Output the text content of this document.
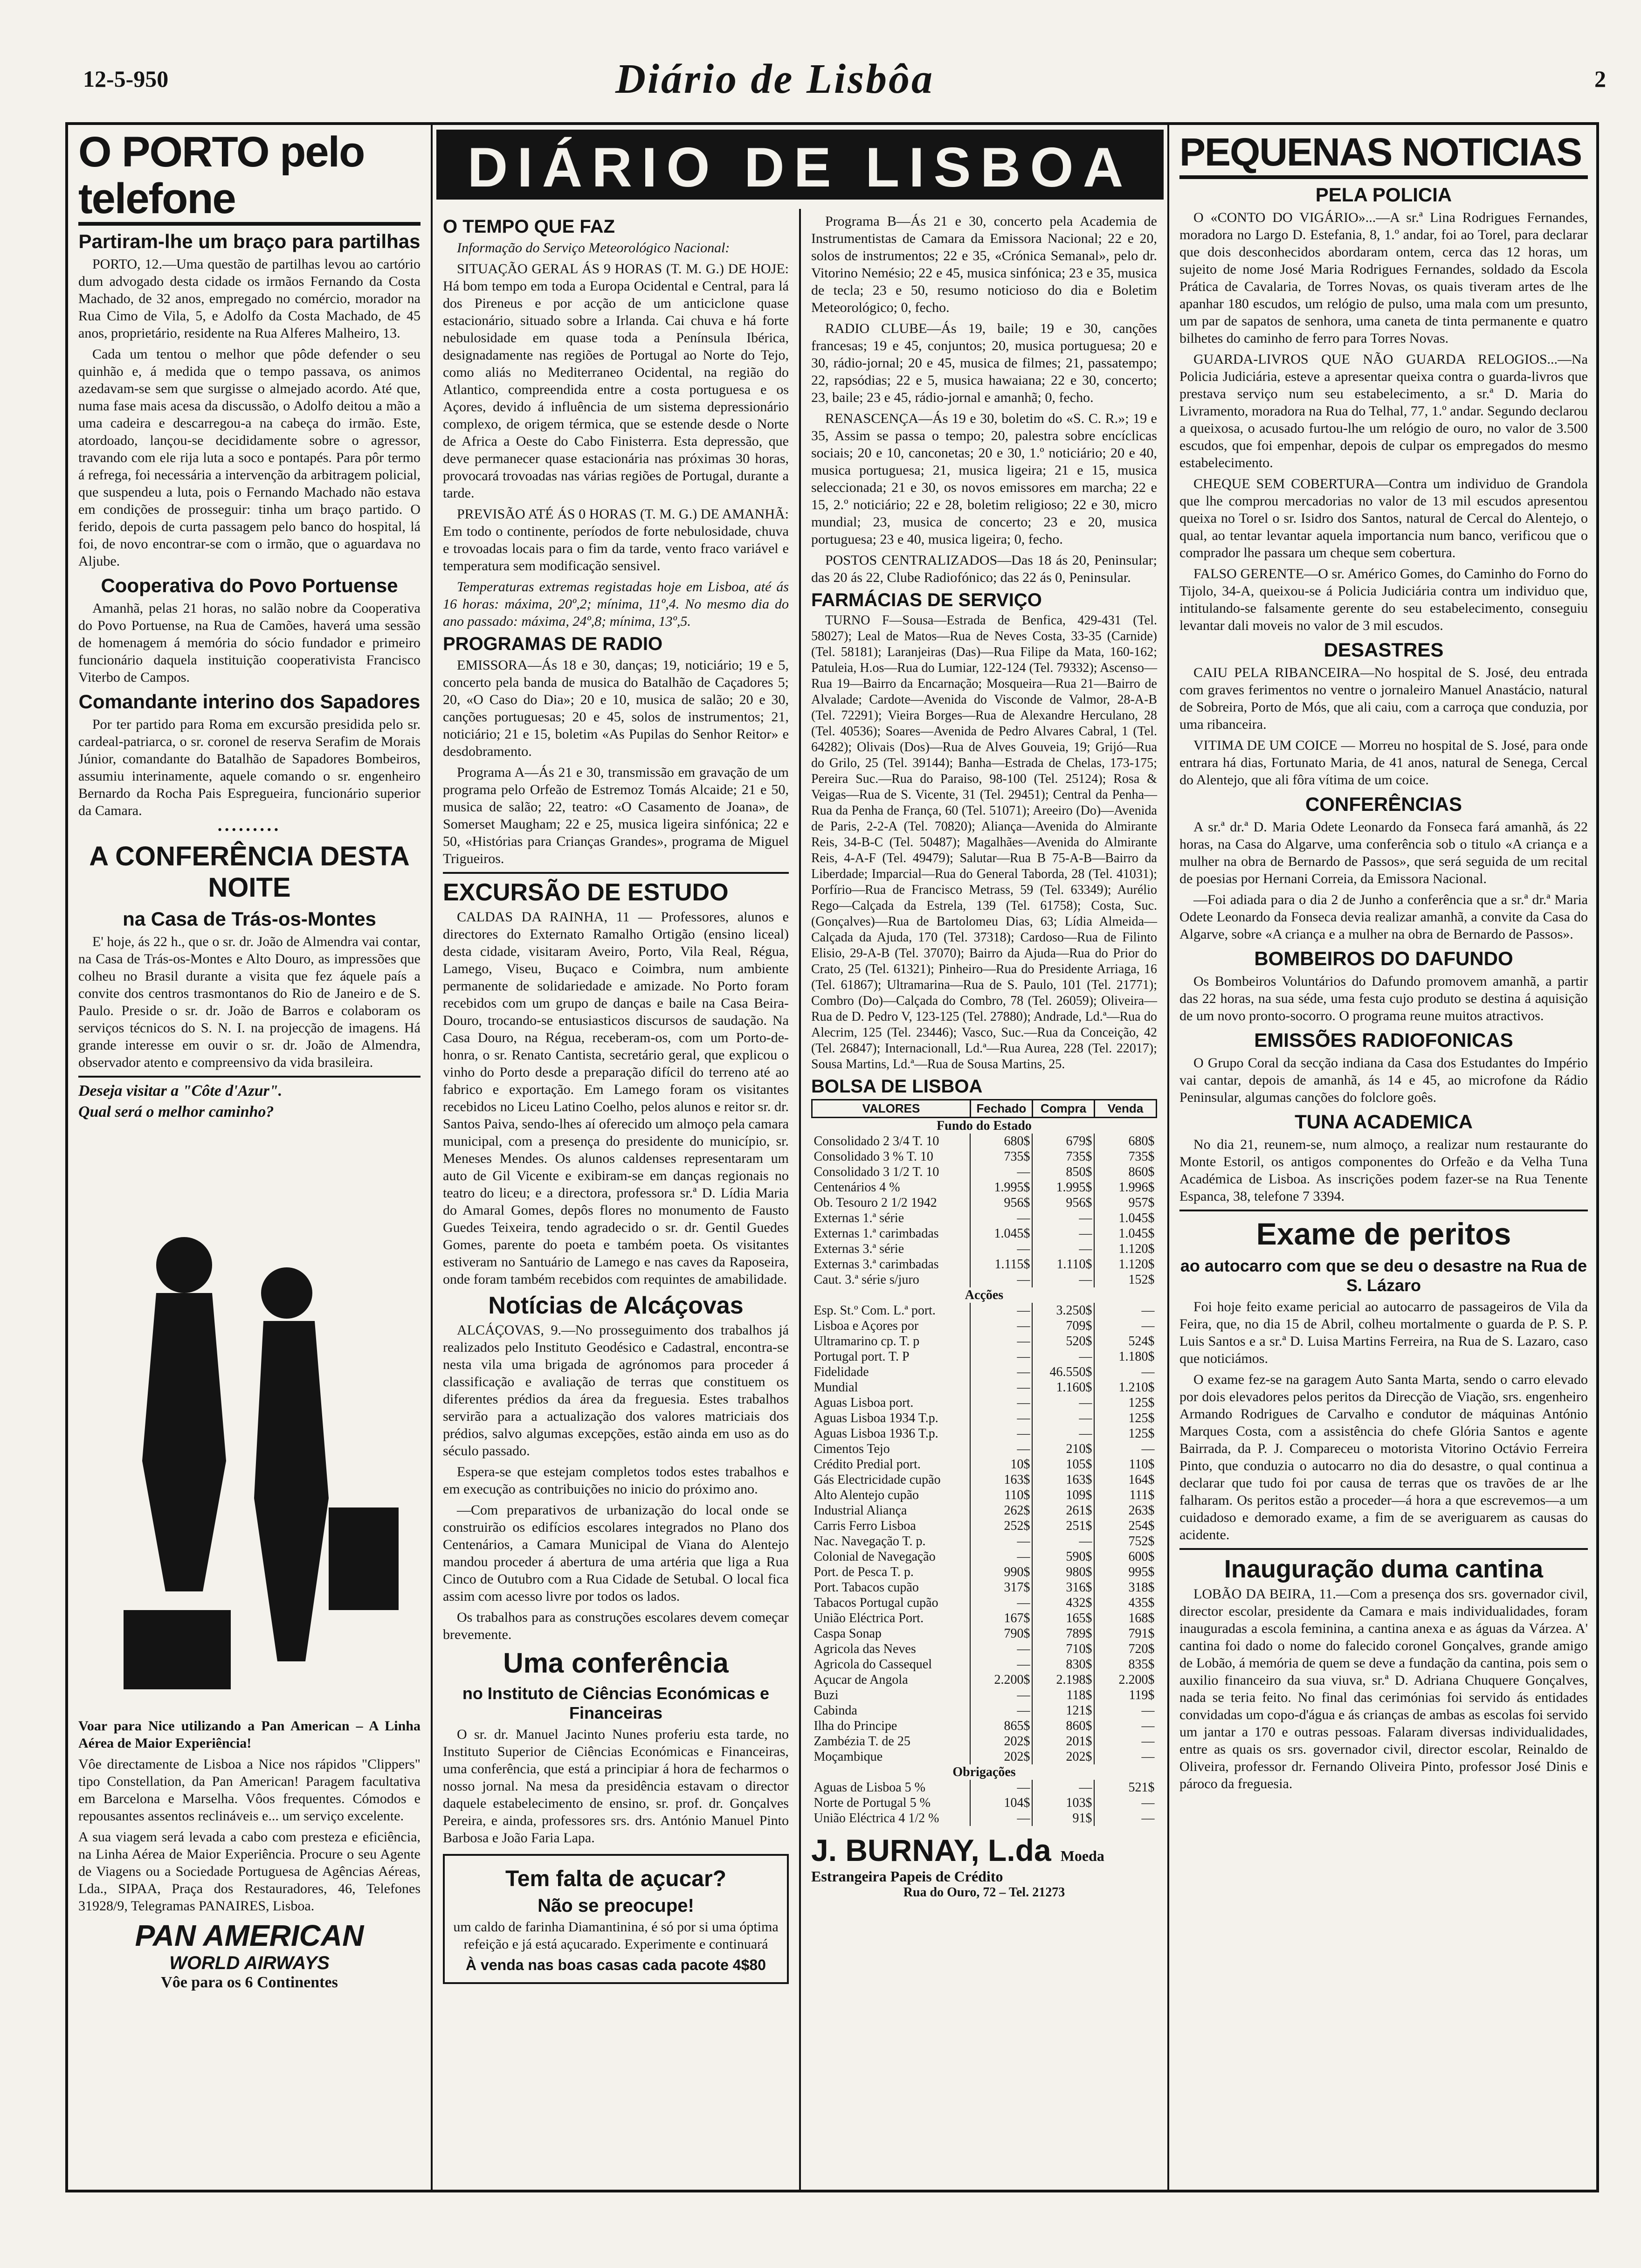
12-5-950	Diário de Lisbôa	2
O PORTO pelo telefone
Partiram-lhe um braço para partilhas

PORTO, 12.—Uma questão de partilhas levou ao cartório dum advogado desta cidade os irmãos Fernando da Costa Machado, de 32 anos, empregado no comércio, morador na Rua Cimo de Vila, 5, e Adolfo da Costa Machado, de 45 anos, proprietário, residente na Rua Alferes Malheiro, 13.

Cada um tentou o melhor que pôde defender o seu quinhão e, á medida que o tempo passava, os animos azedavam-se sem que surgisse o almejado acordo. Até que, numa fase mais acesa da discussão, o Adolfo deitou a mão a uma cadeira e descarregou-a na cabeça do irmão. Este, atordoado, lançou-se decididamente sobre o agressor, travando com ele rija luta a soco e pontapés. Para pôr termo á refrega, foi necessária a intervenção da arbitragem policial, que suspendeu a luta, pois o Fernando Machado não estava em condições de prosseguir: tinha um braço partido. O ferido, depois de curta passagem pelo banco do hospital, lá foi, de novo encontrar-se com o irmão, que o aguardava no Aljube.

Cooperativa do Povo Portuense

Amanhã, pelas 21 horas, no salão nobre da Cooperativa do Povo Portuense, na Rua de Camões, haverá uma sessão de homenagem á memória do sócio fundador e primeiro funcionário daquela instituição cooperativista Francisco Viterbo de Campos.

Comandante interino dos Sapadores

Por ter partido para Roma em excursão presidida pelo sr. cardeal-patriarca, o sr. coronel de reserva Serafim de Morais Júnior, comandante do Batalhão de Sapadores Bombeiros, assumiu interinamente, aquele comando o sr. engenheiro Bernardo da Rocha Pais Espregueira, funcionário superior da Camara.

•••••••••
A CONFERÊNCIA DESTA NOITE
na Casa de Trás-os-Montes

E' hoje, ás 22 h., que o sr. dr. João de Almendra vai contar, na Casa de Trás-os-Montes e Alto Douro, as impressões que colheu no Brasil durante a visita que fez áquele país a convite dos centros trasmontanos do Rio de Janeiro e de S. Paulo. Preside o sr. dr. João de Barros e colaboram os serviços técnicos do S. N. I. na projecção de imagens. Há grande interesse em ouvir o sr. dr. João de Almendra, observador atento e compreensivo da vida brasileira.

Deseja visitar a "Côte d'Azur".

Qual será o melhor caminho?

Voar para Nice utilizando a Pan American – A Linha Aérea de Maior Experiência!

Vôe directamente de Lisboa a Nice nos rápidos "Clippers" tipo Constellation, da Pan American! Paragem facultativa em Barcelona e Marselha. Vôos frequentes. Cómodos e repousantes assentos reclináveis e... um serviço excelente.

A sua viagem será levada a cabo com presteza e eficiência, na Linha Aérea de Maior Experiência. Procure o seu Agente de Viagens ou a Sociedade Portuguesa de Agências Aéreas, Lda., SIPAA, Praça dos Restauradores, 46, Telefones 31928/9, Telegramas PANAIRES, Lisboa.

PAN AMERICAN
WORLD AIRWAYS
Vôe para os 6 Continentes
DIÁRIO DE LISBOA
O TEMPO QUE FAZ

Informação do Serviço Meteorológico Nacional:

SITUAÇÃO GERAL ÁS 9 HORAS (T. M. G.) DE HOJE: Há bom tempo em toda a Europa Ocidental e Central, para lá dos Pireneus e por acção de um anticiclone quase estacionário, situado sobre a Irlanda. Cai chuva e há forte nebulosidade em quase toda a Península Ibérica, designadamente nas regiões de Portugal ao Norte do Tejo, como aliás no Mediterraneo Ocidental, na região do Atlantico, compreendida entre a costa portuguesa e os Açores, devido á influência de um sistema depressionário complexo, de origem térmica, que se estende desde o Norte de Africa a Oeste do Cabo Finisterra. Esta depressão, que deve permanecer quase estacionária nas próximas 30 horas, provocará trovoadas nas várias regiões de Portugal, durante a tarde.

PREVISÃO ATÉ ÁS 0 HORAS (T. M. G.) DE AMANHÃ: Em todo o continente, períodos de forte nebulosidade, chuva e trovoadas locais para o fim da tarde, vento fraco variável e temperatura sem modificação sensivel.

Temperaturas extremas registadas hoje em Lisboa, até ás 16 horas: máxima, 20º,2; mínima, 11º,4. No mesmo dia do ano passado: máxima, 24º,8; mínima, 13º,5.

PROGRAMAS DE RADIO

EMISSORA—Ás 18 e 30, danças; 19, noticiário; 19 e 5, concerto pela banda de musica do Batalhão de Caçadores 5; 20, «O Caso do Dia»; 20 e 10, musica de salão; 20 e 30, canções portuguesas; 20 e 45, solos de instrumentos; 21, noticiário; 21 e 15, boletim «As Pupilas do Senhor Reitor» e desdobramento.

Programa A—Ás 21 e 30, transmissão em gravação de um programa pelo Orfeão de Estremoz Tomás Alcaide; 21 e 50, musica de salão; 22, teatro: «O Casamento de Joana», de Somerset Maugham; 22 e 25, musica ligeira sinfónica; 22 e 50, «Histórias para Crianças Grandes», programa de Miguel Trigueiros.

EXCURSÃO DE ESTUDO

CALDAS DA RAINHA, 11 — Professores, alunos e directores do Externato Ramalho Ortigão (ensino liceal) desta cidade, visitaram Aveiro, Porto, Vila Real, Régua, Lamego, Viseu, Buçaco e Coimbra, num ambiente permanente de solidariedade e amizade. No Porto foram recebidos com um grupo de danças e baile na Casa Beira-Douro, trocando-se entusiasticos discursos de saudação. Na Casa Douro, na Régua, receberam-os, com um Porto-de-honra, o sr. Renato Cantista, secretário geral, que explicou o vinho do Porto desde a preparação difícil do terreno até ao fabrico e exportação. Em Lamego foram os visitantes recebidos no Liceu Latino Coelho, pelos alunos e reitor sr. dr. Santos Paiva, sendo-lhes aí oferecido um almoço pela camara municipal, com a presença do presidente do município, sr. Meneses Mendes. Os alunos caldenses representaram um auto de Gil Vicente e exibiram-se em danças regionais no teatro do liceu; e a directora, professora sr.ª D. Lídia Maria do Amaral Gomes, depôs flores no monumento de Fausto Guedes Teixeira, tendo agradecido o sr. dr. Gentil Guedes Gomes, parente do poeta e também poeta. Os visitantes estiveram no Santuário de Lamego e nas caves da Raposeira, onde foram também recebidos com requintes de amabilidade.

Notícias de Alcáçovas

ALCÁÇOVAS, 9.—No prosseguimento dos trabalhos já realizados pelo Instituto Geodésico e Cadastral, encontra-se nesta vila uma brigada de agrónomos para proceder á classificação e avaliação de terras que constituem os diferentes prédios da área da freguesia. Estes trabalhos servirão para a actualização dos valores matriciais dos prédios, salvo algumas excepções, estão ainda em uso as do século passado.

Espera-se que estejam completos todos estes trabalhos e em execução as contribuições no inicio do próximo ano.

—Com preparativos de urbanização do local onde se construirão os edifícios escolares integrados no Plano dos Centenários, a Camara Municipal de Viana do Alentejo mandou proceder á abertura de uma artéria que liga a Rua Cinco de Outubro com a Rua Cidade de Setubal. O local fica assim com acesso livre por todos os lados.

Os trabalhos para as construções escolares devem começar brevemente.

Uma conferência
no Instituto de Ciências Económicas e Financeiras

O sr. dr. Manuel Jacinto Nunes proferiu esta tarde, no Instituto Superior de Ciências Económicas e Financeiras, uma conferência, que está a principiar á hora de fecharmos o nosso jornal. Na mesa da presidência estavam o director daquele estabelecimento de ensino, sr. prof. dr. Gonçalves Pereira, e ainda, professores srs. drs. António Manuel Pinto Barbosa e João Faria Lapa.

Tem falta de açucar?
Não se preocupe!

um caldo de farinha Diamantinina, é só por si uma óptima refeição e já está açucarado. Experimente e continuará

À venda nas boas casas cada pacote 4$80

Programa B—Ás 21 e 30, concerto pela Academia de Instrumentistas de Camara da Emissora Nacional; 22 e 20, solos de instrumentos; 22 e 35, «Crónica Semanal», pelo dr. Vitorino Nemésio; 22 e 45, musica sinfónica; 23 e 35, musica de tecla; 23 e 50, resumo noticioso do dia e Boletim Meteorológico; 0, fecho.

RADIO CLUBE—Ás 19, baile; 19 e 30, canções francesas; 19 e 45, conjuntos; 20, musica portuguesa; 20 e 30, rádio-jornal; 20 e 45, musica de filmes; 21, passatempo; 22, rapsódias; 22 e 5, musica hawaiana; 22 e 30, concerto; 23, baile; 23 e 45, rádio-jornal e amanhã; 0, fecho.

RENASCENÇA—Ás 19 e 30, boletim do «S. C. R.»; 19 e 35, Assim se passa o tempo; 20, palestra sobre encíclicas sociais; 20 e 10, canconetas; 20 e 30, 1.º noticiário; 20 e 40, musica portuguesa; 21, musica ligeira; 21 e 15, musica seleccionada; 21 e 30, os novos emissores em marcha; 22 e 15, 2.º noticiário; 22 e 28, boletim religioso; 22 e 30, micro mundial; 23, musica de concerto; 23 e 20, musica portuguesa; 23 e 40, musica ligeira; 0, fecho.

POSTOS CENTRALIZADOS—Das 18 ás 20, Peninsular; das 20 ás 22, Clube Radiofónico; das 22 ás 0, Peninsular.

FARMÁCIAS DE SERVIÇO

TURNO F—Sousa—Estrada de Benfica, 429-431 (Tel. 58027); Leal de Matos—Rua de Neves Costa, 33-35 (Carnide) (Tel. 58181); Laranjeiras (Das)—Rua Filipe da Mata, 160-162; Patuleia, H.os—Rua do Lumiar, 122-124 (Tel. 79332); Ascenso—Rua 19—Bairro da Encarnação; Mosqueira—Rua 21—Bairro de Alvalade; Cardote—Avenida do Visconde de Valmor, 28-A-B (Tel. 72291); Vieira Borges—Rua de Alexandre Herculano, 28 (Tel. 40536); Soares—Avenida de Pedro Alvares Cabral, 1 (Tel. 64282); Olivais (Dos)—Rua de Alves Gouveia, 19; Grijó—Rua do Grilo, 25 (Tel. 39144); Banha—Estrada de Chelas, 173-175; Pereira Suc.—Rua do Paraiso, 98-100 (Tel. 25124); Rosa & Veigas—Rua de S. Vicente, 31 (Tel. 29451); Central da Penha—Rua da Penha de França, 60 (Tel. 51071); Areeiro (Do)—Avenida de Paris, 2-2-A (Tel. 70820); Aliança—Avenida do Almirante Reis, 34-B-C (Tel. 50487); Magalhães—Avenida do Almirante Reis, 4-A-F (Tel. 49479); Salutar—Rua B 75-A-B—Bairro da Liberdade; Imparcial—Rua do General Taborda, 28 (Tel. 41031); Porfírio—Rua de Francisco Metrass, 59 (Tel. 63349); Aurélio Rego—Calçada da Estrela, 139 (Tel. 61758); Costa, Suc. (Gonçalves)—Rua de Bartolomeu Dias, 63; Lídia Almeida—Calçada da Ajuda, 170 (Tel. 37318); Cardoso—Rua de Filinto Elisio, 29-A-B (Tel. 37070); Bairro da Ajuda—Rua do Prior do Crato, 25 (Tel. 61321); Pinheiro—Rua do Presidente Arriaga, 16 (Tel. 61867); Ultramarina—Rua de S. Paulo, 101 (Tel. 21771); Combro (Do)—Calçada do Combro, 78 (Tel. 26059); Oliveira—Rua de D. Pedro V, 123-125 (Tel. 27880); Andrade, Ld.ª—Rua do Alecrim, 125 (Tel. 23446); Vasco, Suc.—Rua da Conceição, 42 (Tel. 26847); Internacionall, Ld.ª—Rua Aurea, 228 (Tel. 22017); Sousa Martins, Ld.ª—Rua de Sousa Martins, 25.

BOLSA DE LISBOA
VALORES	Fechado	Compra	Venda
Fundo do Estado			
Consolidado 2 3/4 T. 10	680$	679$	680$
Consolidado 3 % T. 10	735$	735$	735$
Consolidado 3 1/2 T. 10	—	850$	860$
Centenários 4 %	1.995$	1.995$	1.996$
Ob. Tesouro 2 1/2 1942	956$	956$	957$
Externas 1.ª série	—	—	1.045$
Externas 1.ª carimbadas	1.045$	—	1.045$
Externas 3.ª série	—	—	1.120$
Externas 3.ª carimbadas	1.115$	1.110$	1.120$
Caut. 3.ª série s/juro	—	—	152$
Acções			
Esp. St.º Com. L.ª port.	—	3.250$	—
Lisboa e Açores por	—	709$	—
Ultramarino cp. T. p	—	520$	524$
Portugal port. T. P	—	—	1.180$
Fidelidade	—	46.550$	—
Mundial	—	1.160$	1.210$
Aguas Lisboa port.	—	—	125$
Aguas Lisboa 1934 T.p.	—	—	125$
Aguas Lisboa 1936 T.p.	—	—	125$
Cimentos Tejo	—	210$	—
Crédito Predial port.	10$	105$	110$
Gás Electricidade cupão	163$	163$	164$
Alto Alentejo cupão	110$	109$	111$
Industrial Aliança	262$	261$	263$
Carris Ferro Lisboa	252$	251$	254$
Nac. Navegação T. p.	—	—	752$
Colonial de Navegação	—	590$	600$
Port. de Pesca T. p.	990$	980$	995$
Port. Tabacos cupão	317$	316$	318$
Tabacos Portugal cupão	—	432$	435$
União Eléctrica Port.	167$	165$	168$
Caspa Sonap	790$	789$	791$
Agricola das Neves	—	710$	720$
Agricola do Cassequel	—	830$	835$
Açucar de Angola	2.200$	2.198$	2.200$
Buzi	—	118$	119$
Cabinda	—	121$	—
Ilha do Principe	865$	860$	—
Zambézia T. de 25	202$	201$	—
Moçambique	202$	202$	—
Obrigações			
Aguas de Lisboa 5 %	—	—	521$
Norte de Portugal 5 %	104$	103$	—
União Eléctrica 4 1/2 %	—	91$	—
J. BURNAY, L.da Moeda Estrangeira Papeis de Crédito
Rua do Ouro, 72 – Tel. 21273
PEQUENAS NOTICIAS
PELA POLICIA

O «CONTO DO VIGÁRIO»...—A sr.ª Lina Rodrigues Fernandes, moradora no Largo D. Estefania, 8, 1.º andar, foi ao Torel, para declarar que dois desconhecidos abordaram ontem, cerca das 12 horas, um sujeito de nome José Maria Rodrigues Fernandes, soldado da Escola Prática de Cavalaria, de Torres Novas, os quais tiveram artes de lhe apanhar 180 escudos, um relógio de pulso, uma mala com um presunto, um par de sapatos de senhora, uma caneta de tinta permanente e quatro bilhetes do caminho de ferro para Torres Novas.

GUARDA-LIVROS QUE NÃO GUARDA RELOGIOS...—Na Policia Judiciária, esteve a apresentar queixa contra o guarda-livros que prestava serviço num seu estabelecimento, a sr.ª D. Maria do Livramento, moradora na Rua do Telhal, 77, 1.º andar. Segundo declarou a queixosa, o acusado furtou-lhe um relógio de ouro, no valor de 3.500 escudos, que foi empenhar, depois de culpar os empregados do mesmo estabelecimento.

CHEQUE SEM COBERTURA—Contra um individuo de Grandola que lhe comprou mercadorias no valor de 13 mil escudos apresentou queixa no Torel o sr. Isidro dos Santos, natural de Cercal do Alentejo, o qual, ao tentar levantar aquela importancia num banco, verificou que o comprador lhe passara um cheque sem cobertura.

FALSO GERENTE—O sr. Américo Gomes, do Caminho do Forno do Tijolo, 34-A, queixou-se á Policia Judiciária contra um individuo que, intitulando-se falsamente gerente do seu estabelecimento, conseguiu levantar dali moveis no valor de 3 mil escudos.

DESASTRES

CAIU PELA RIBANCEIRA—No hospital de S. José, deu entrada com graves ferimentos no ventre o jornaleiro Manuel Anastácio, natural de Sobreira, Porto de Mós, que ali caiu, com a carroça que conduzia, por uma ribanceira.

VITIMA DE UM COICE — Morreu no hospital de S. José, para onde entrara há dias, Fortunato Maria, de 41 anos, natural de Senega, Cercal do Alentejo, que ali fôra vítima de um coice.

CONFERÊNCIAS

A sr.ª dr.ª D. Maria Odete Leonardo da Fonseca fará amanhã, ás 22 horas, na Casa do Algarve, uma conferência sob o titulo «A criança e a mulher na obra de Bernardo de Passos», que será seguida de um recital de poesias por Hernani Correia, da Emissora Nacional.

—Foi adiada para o dia 2 de Junho a conferência que a sr.ª dr.ª Maria Odete Leonardo da Fonseca devia realizar amanhã, a convite da Casa do Algarve, sobre «A criança e a mulher na obra de Bernardo de Passos».

BOMBEIROS DO DAFUNDO

Os Bombeiros Voluntários do Dafundo promovem amanhã, a partir das 22 horas, na sua séde, uma festa cujo produto se destina á aquisição de um novo pronto-socorro. O programa reune muitos atractivos.

EMISSÕES RADIOFONICAS

O Grupo Coral da secção indiana da Casa dos Estudantes do Império vai cantar, depois de amanhã, ás 14 e 45, ao microfone da Rádio Peninsular, algumas canções do folclore goês.

TUNA ACADEMICA

No dia 21, reunem-se, num almoço, a realizar num restaurante do Monte Estoril, os antigos componentes do Orfeão e da Velha Tuna Académica de Lisboa. As inscrições podem fazer-se na Rua Tenente Espanca, 38, telefone 7 3394.

Exame de peritos
ao autocarro com que se deu o desastre na Rua de S. Lázaro

Foi hoje feito exame pericial ao autocarro de passageiros de Vila da Feira, que, no dia 15 de Abril, colheu mortalmente o guarda de P. S. P. Luis Santos e a sr.ª D. Luisa Martins Ferreira, na Rua de S. Lazaro, caso que noticiámos.

O exame fez-se na garagem Auto Santa Marta, sendo o carro elevado por dois elevadores pelos peritos da Direcção de Viação, srs. engenheiro Armando Rodrigues de Carvalho e condutor de máquinas António Marques Costa, com a assistência do chefe Glória Santos e agente Bairrada, da P. J. Compareceu o motorista Vitorino Octávio Ferreira Pinto, que conduzia o autocarro no dia do desastre, o qual continua a declarar que tudo foi por causa de terras que os travões de ar lhe falharam. Os peritos estão a proceder—á hora a que escrevemos—a um cuidadoso e demorado exame, a fim de se averiguarem as causas do acidente.

Inauguração duma cantina

LOBÃO DA BEIRA, 11.—Com a presença dos srs. governador civil, director escolar, presidente da Camara e mais individualidades, foram inauguradas a escola feminina, a cantina anexa e as águas da Várzea. A' cantina foi dado o nome do falecido coronel Gonçalves, grande amigo de Lobão, á memória de quem se deve a fundação da cantina, pois sem o auxilio financeiro da sua viuva, sr.ª D. Adriana Chuquere Gonçalves, nada se teria feito. No final das cerimónias foi servido ás entidades convidadas um copo-d'água e ás crianças de ambas as escolas foi servido um jantar a 170 e outras pessoas. Falaram diversas individualidades, entre as quais os srs. governador civil, director escolar, Reinaldo de Oliveira, professor dr. Fernando Oliveira Pinto, professor José Dinis e pároco da freguesia.
